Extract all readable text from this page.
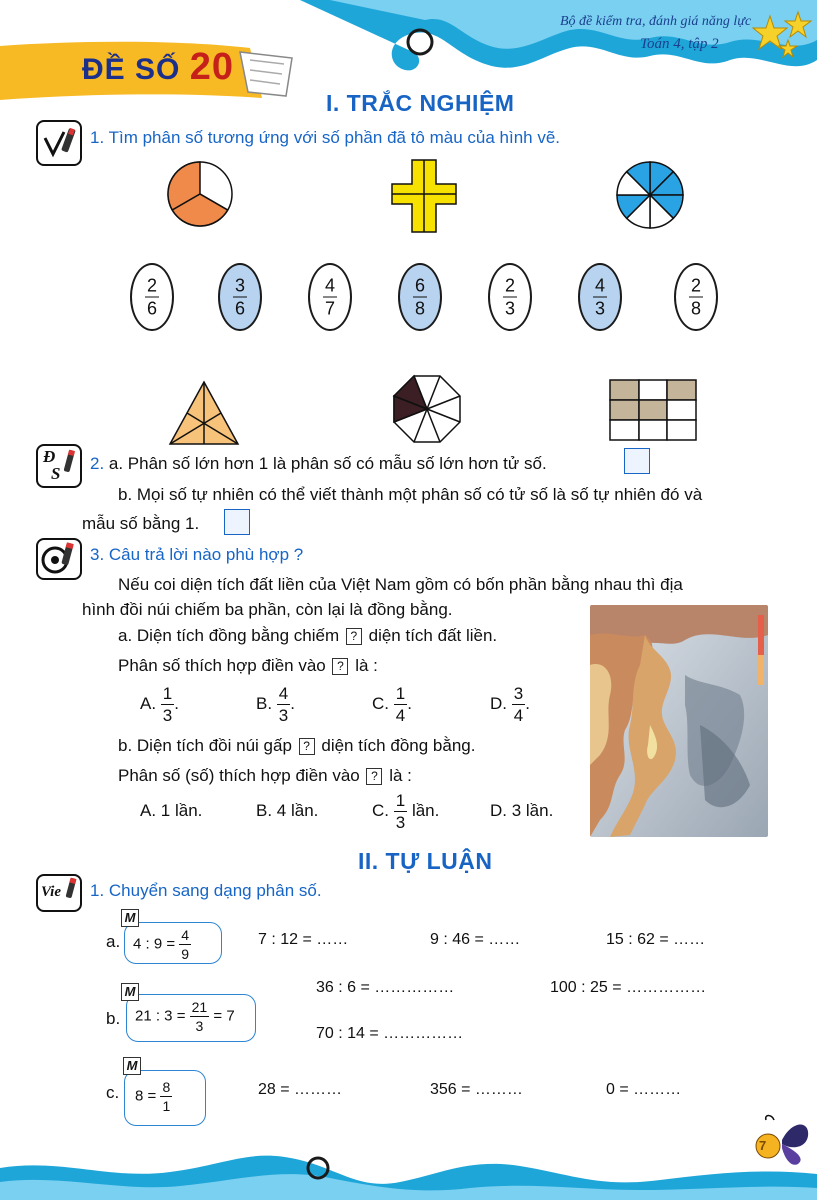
Bộ đề kiểm tra, đánh giá năng lực
Toán 4, tập 2
ĐỀ SỐ 20
I. TRẮC NGHIỆM
1. Tìm phân số tương ứng với số phần đã tô màu của hình vẽ.
$\frac{2}{6}$	$\frac{3}{6}$	$\frac{4}{7}$	$\frac{6}{8}$	$\frac{2}{3}$	$\frac{4}{3}$	$\frac{2}{8}$
Đ
S
2. a. Phân số lớn hơn 1 là phân số có mẫu số lớn hơn tử số.
b. Mọi số tự nhiên có thể viết thành một phân số có tử số là số tự nhiên đó và
mẫu số bằng 1.
3. Câu trả lời nào phù hợp ?
Nếu coi diện tích đất liền của Việt Nam gồm có bốn phần bằng nhau thì địa
hình đồi núi chiếm ba phần, còn lại là đồng bằng.
a. Diện tích đồng bằng chiếm ? diện tích đất liền.
Phân số thích hợp điền vào ? là :
A. $\frac{1}{3}$ .	B. $\frac{4}{3}$ .	C. $\frac{1}{4}$ .	D. $\frac{3}{4}$ .
b. Diện tích đồi núi gấp ? diện tích đồng bằng.
Phân số (số) thích hợp điền vào ? là :
A. 1 lần.	B. 4 lần.	C. $\frac{1}{3}$ lần.	D. 3 lần.
II. TỰ LUẬN
Vie 1. Chuyển sang dạng phân số.
a.
M
4 : $9 = \frac{4}{9}$	7 : 12 = ……	9 : 46 = ……	15 : 62 = ……
b.
M
21 : $3 = \frac{21}{3} = 7$
36 : 6 = ……………	100 : 25 = ……………
70 : 14 = ……………
c.
M
$8 = \frac{8}{1}$	28 = ………	356 = ………	0 = ………
7
